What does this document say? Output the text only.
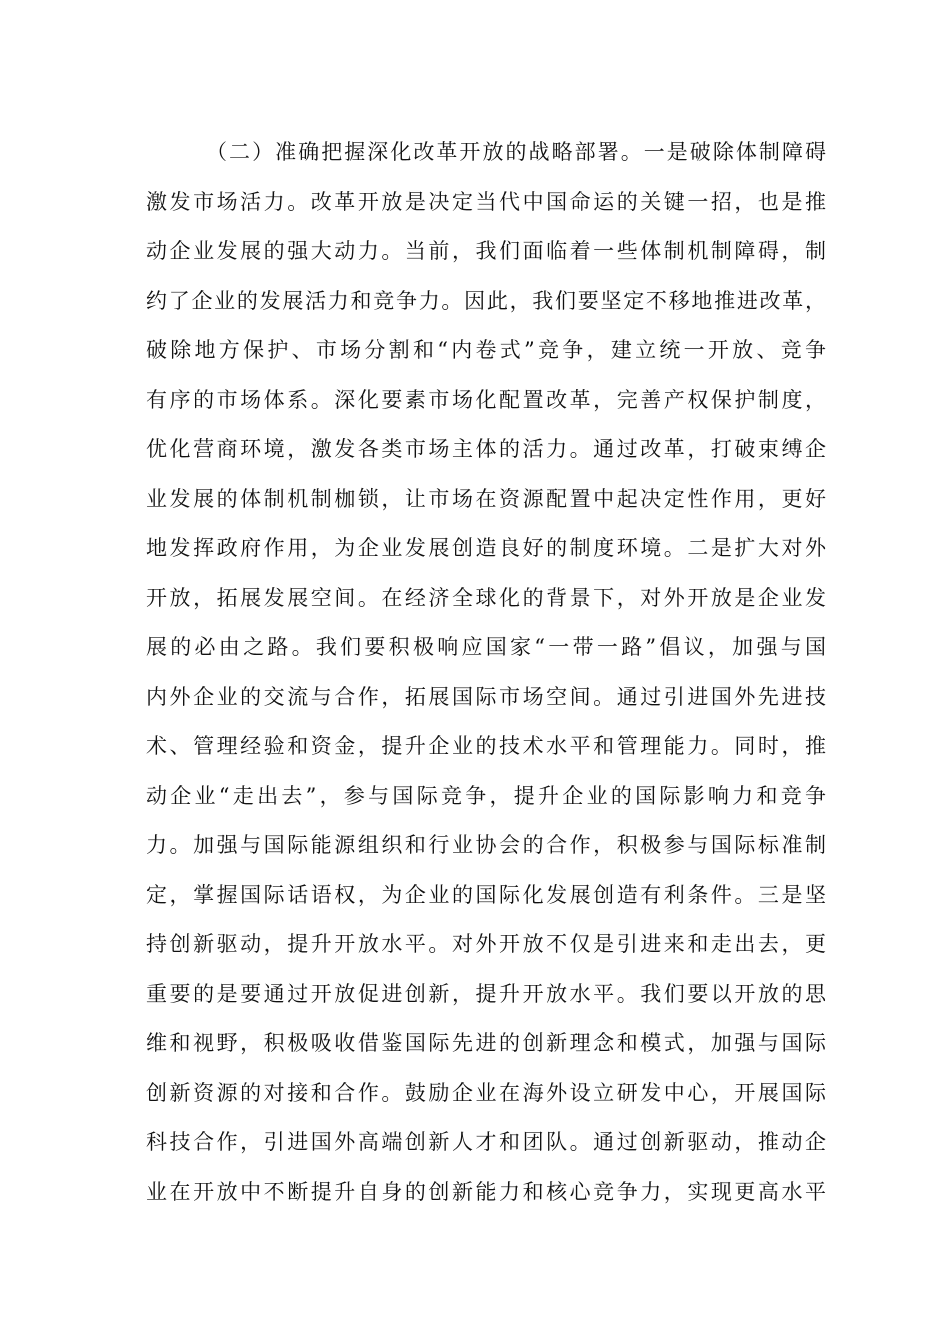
（二）准确把握深化改革开放的战略部署。一是破除体制障碍
激发市场活力。改革开放是决定当代中国命运的关键一招，也是推
动企业发展的强大动力。当前，我们面临着一些体制机制障碍，制
约了企业的发展活力和竞争力。因此，我们要坚定不移地推进改革，
破除地方保护、市场分割和“内卷式”竞争，建立统一开放、竞争
有序的市场体系。深化要素市场化配置改革，完善产权保护制度，
优化营商环境，激发各类市场主体的活力。通过改革，打破束缚企
业发展的体制机制枷锁，让市场在资源配置中起决定性作用，更好
地发挥政府作用，为企业发展创造良好的制度环境。二是扩大对外
开放，拓展发展空间。在经济全球化的背景下，对外开放是企业发
展的必由之路。我们要积极响应国家“一带一路”倡议，加强与国
内外企业的交流与合作，拓展国际市场空间。通过引进国外先进技
术、管理经验和资金，提升企业的技术水平和管理能力。同时，推
动企业“走出去”，参与国际竞争，提升企业的国际影响力和竞争
力。加强与国际能源组织和行业协会的合作，积极参与国际标准制
定，掌握国际话语权，为企业的国际化发展创造有利条件。三是坚
持创新驱动，提升开放水平。对外开放不仅是引进来和走出去，更
重要的是要通过开放促进创新，提升开放水平。我们要以开放的思
维和视野，积极吸收借鉴国际先进的创新理念和模式，加强与国际
创新资源的对接和合作。鼓励企业在海外设立研发中心，开展国际
科技合作，引进国外高端创新人才和团队。通过创新驱动，推动企
业在开放中不断提升自身的创新能力和核心竞争力，实现更高水平
